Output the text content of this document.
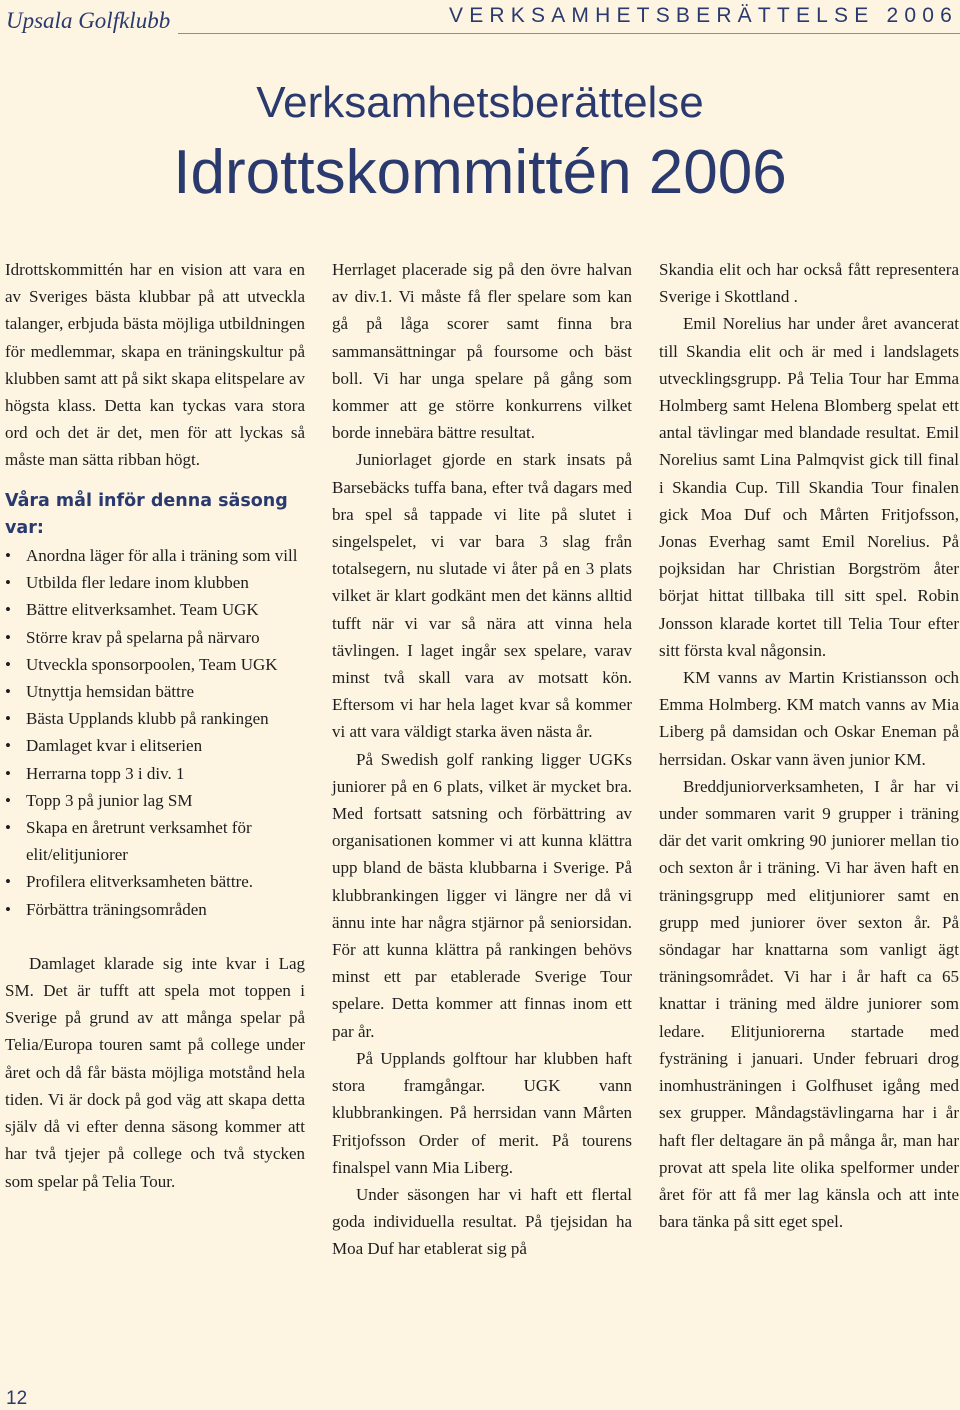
Upsala Golfklubb	VERKSAMHETSBERÄTTELSE 2006
Verksamhetsberättelse
Idrottskommittén 2006

Idrottskommittén har en vision att vara en av Sveriges bästa klubbar på att utveckla talanger, erbjuda bästa möjliga utbildningen för medlemmar, skapa en träningskultur på klubben samt att på sikt skapa elitspelare av högsta klass. Detta kan tyckas vara stora ord och det är det, men för att lyckas så måste man sätta ribban högt.

Våra mål inför denna säsong var:

• Anordna läger för alla i träning som vill
• Utbilda fler ledare inom klubben
• Bättre elitverksamhet. Team UGK
• Större krav på spelarna på närvaro
• Utveckla sponsorpoolen, Team UGK
• Utnyttja hemsidan bättre
• Bästa Upplands klubb på rankingen
• Damlaget kvar i elitserien
• Herrarna topp 3 i div. 1
• Topp 3 på junior lag SM
• Skapa en åretrunt verksamhet för elit/elitjuniorer
• Profilera elitverksamheten bättre.
• Förbättra träningsområden

Damlaget klarade sig inte kvar i Lag SM. Det är tufft att spela mot toppen i Sverige på grund av att många spelar på Telia/Europa touren samt på college under året och då får bästa möjliga motstånd hela tiden. Vi är dock på god väg att skapa detta själv då vi efter denna säsong kommer att har två tjejer på college och två stycken som spelar på Telia Tour.

Herrlaget placerade sig på den övre halvan av div.1. Vi måste få fler spelare som kan gå på låga scorer samt finna bra sammansättningar på foursome och bäst boll. Vi har unga spelare på gång som kommer att ge större konkurrens vilket borde innebära bättre resultat.

Juniorlaget gjorde en stark insats på Barsebäcks tuffa bana, efter två dagars med bra spel så tappade vi lite på slutet i singelspelet, vi var bara 3 slag från totalsegern, nu slutade vi åter på en 3 plats vilket är klart godkänt men det känns alltid tufft när vi var så nära att vinna hela tävlingen. I laget ingår sex spelare, varav minst två skall vara av motsatt kön. Eftersom vi har hela laget kvar så kommer vi att vara väldigt starka även nästa år.

På Swedish golf ranking ligger UGKs juniorer på en 6 plats, vilket är mycket bra. Med fortsatt satsning och förbättring av organisationen kommer vi att kunna klättra upp bland de bästa klubbarna i Sverige. På klubbrankingen ligger vi längre ner då vi ännu inte har några stjärnor på seniorsidan. För att kunna klättra på rankingen behövs minst ett par etablerade Sverige Tour spelare. Detta kommer att finnas inom ett par år.

På Upplands golftour har klubben haft stora framgångar. UGK vann klubbrankingen. På herrsidan vann Mårten Fritjofsson Order of merit. På tourens finalspel vann Mia Liberg.

Under säsongen har vi haft ett flertal goda individuella resultat. På tjejsidan ha Moa Duf har etablerat sig på

Skandia elit och har också fått representera Sverige i Skottland .

Emil Norelius har under året avancerat till Skandia elit och är med i landslagets utvecklingsgrupp. På Telia Tour har Emma Holmberg samt Helena Blomberg spelat ett antal tävlingar med blandade resultat. Emil Norelius samt Lina Palmqvist gick till final i Skandia Cup. Till Skandia Tour finalen gick Moa Duf och Mårten Fritjofsson, Jonas Everhag samt Emil Norelius. På pojksidan har Christian Borgström åter börjat hittat tillbaka till sitt spel. Robin Jonsson klarade kortet till Telia Tour efter sitt första kval någonsin.

KM vanns av Martin Kristiansson och Emma Holmberg. KM match vanns av Mia Liberg på damsidan och Oskar Eneman på herrsidan. Oskar vann även junior KM.

Breddjuniorverksamheten, I år har vi under sommaren varit 9 grupper i träning där det varit omkring 90 juniorer mellan tio och sexton år i träning. Vi har även haft en träningsgrupp med elitjuniorer samt en grupp med juniorer över sexton år. På söndagar har knattarna som vanligt ägt träningsområdet. Vi har i år haft ca 65 knattar i träning med äldre juniorer som ledare. Elitjuniorerna startade med fysträning i januari. Under februari drog inomhusträningen i Golfhuset igång med sex grupper. Måndagstävlingarna har i år haft fler deltagare än på många år, man har provat att spela lite olika spelformer under året för att få mer lag känsla och att inte bara tänka på sitt eget spel.

12
